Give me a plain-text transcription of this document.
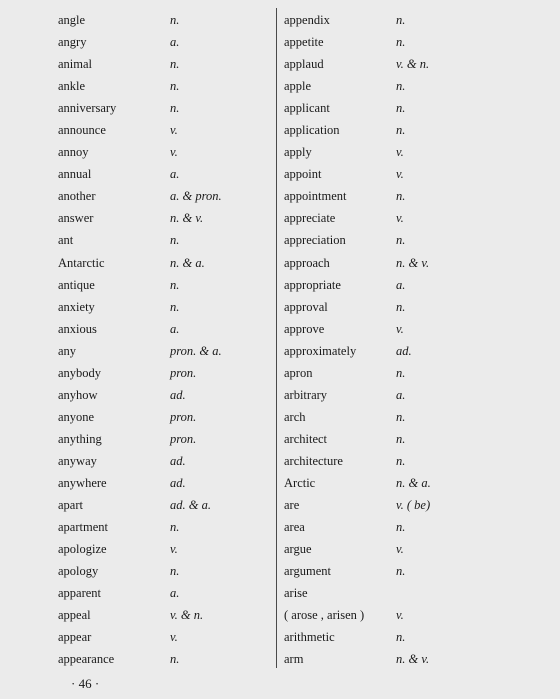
angle	n.
angry	a.
animal	n.
ankle	n.
anniversary	n.
announce	v.
annoy	v.
annual	a.
another	a. & pron.
answer	n. & v.
ant	n.
Antarctic	n. & a.
antique	n.
anxiety	n.
anxious	a.
any	pron. & a.
anybody	pron.
anyhow	ad.
anyone	pron.
anything	pron.
anyway	ad.
anywhere	ad.
apart	ad. & a.
apartment	n.
apologize	v.
apology	n.
apparent	a.
appeal	v. & n.
appear	v.
appearance	n.
appendix	n.
appetite	n.
applaud	v. & n.
apple	n.
applicant	n.
application	n.
apply	v.
appoint	v.
appointment	n.
appreciate	v.
appreciation	n.
approach	n. & v.
appropriate	a.
approval	n.
approve	v.
approximately	ad.
apron	n.
arbitrary	a.
arch	n.
architect	n.
architecture	n.
Arctic	n. & a.
are	v. ( be)
area	n.
argue	v.
argument	n.
arise
( arose , arisen )	v.
arithmetic	n.
arm	n. & v.
· 46 ·
